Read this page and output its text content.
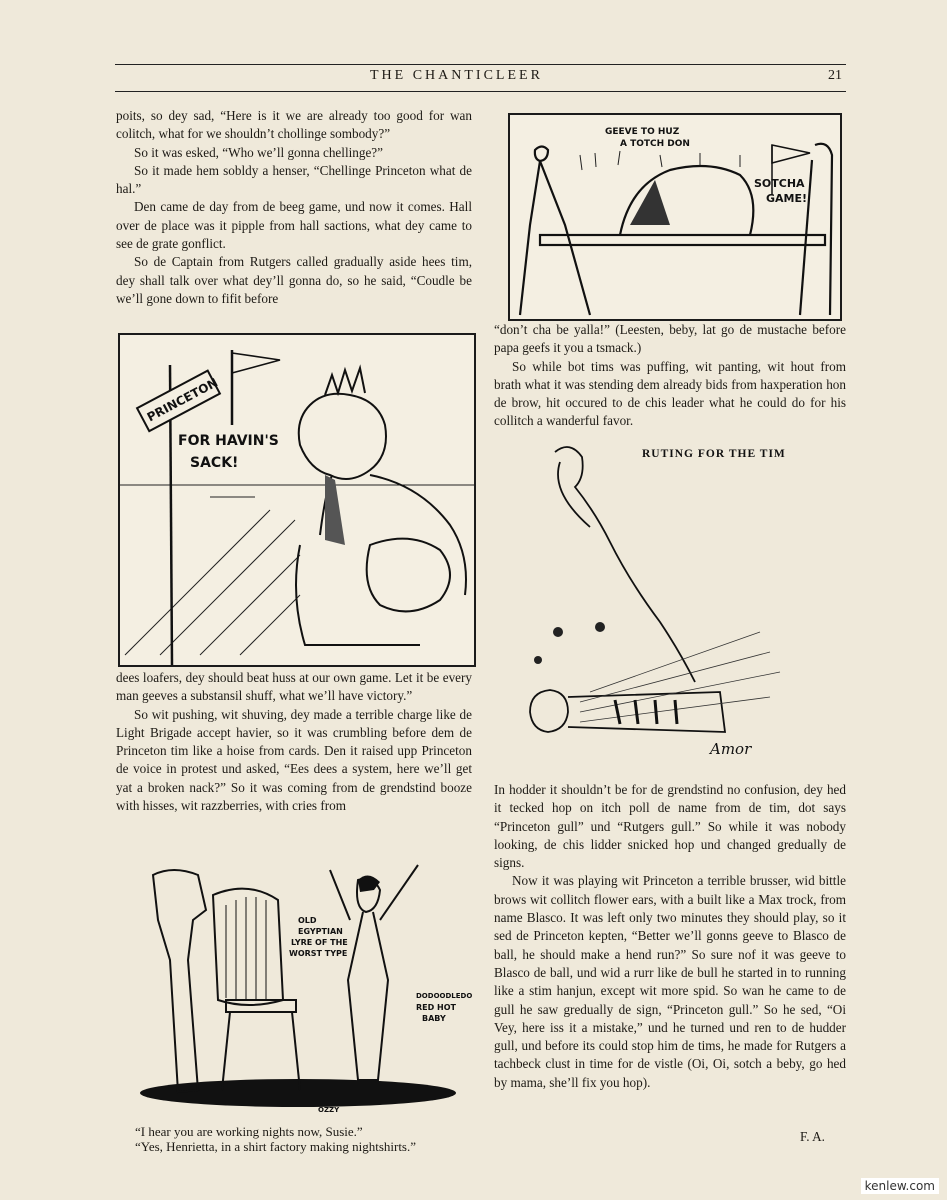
THE CHANTICLEER	21

poits, so dey sad, “Here is it we are already too good for wan colitch, what for we shouldn’t chollinge sombody?”

So it was esked, “Who we’ll gonna chellinge?”

So it made hem sobldy a henser, “Chellinge Princeton what de hal.”

Den came de day from de beeg game, und now it comes. Hall over de place was it pipple from hall sactions, what dey came to see de grate gonflict.

So de Captain from Rutgers called gradually aside hees tim, dey shall talk over what dey’ll gonna do, so he said, “Coudle be we’ll gone down to fifit before

PRINCETON
FOR HAVIN'S
SACK!

dees loafers, dey should beat huss at our own game. Let it be every man geeves a substansil shuff, what we’ll have victory.”

So wit pushing, wit shuving, dey made a terrible charge like de Light Brigade accept havier, so it was crumbling before dem de Princeton tim like a hoise from cards. Den it raised upp Princeton de voice in protest und asked, “Ees dees a system, here we’ll get yat a broken nack?” So it was coming from de grendstind booze with hisses, wit razzberries, with cries from

OLD
EGYPTIAN
LYRE OF THE
WORST TYPE
DODOODLEDO
RED HOT
BABY
OZZY
“I hear you are working nights now, Susie.”
“Yes, Henrietta, in a shirt factory making nightshirts.”
GEEVE TO HUZ
A TOTCH DON
SOTCHA
GAME!

“don’t cha be yalla!” (Leesten, beby, lat go de mustache before papa geefs it you a tsmack.)

So while bot tims was puffing, wit panting, wit hout from brath what it was stending dem already bids from haxperation hon de brow, hit occured to de chis leader what he could do for his collitch a wanderful favor.

RUTING FOR THE TIM
Amor

In hodder it shouldn’t be for de grendstind no confusion, dey hed it tecked hop on itch poll de name from de tim, dot says “Princeton gull” und “Rutgers gull.” So while it was nobody looking, de chis lidder snicked hop und changed gredually de signs.

Now it was playing wit Princeton a terrible brusser, wid bittle brows wit collitch flower ears, with a built like a Max trock, from name Blasco. It was left only two minutes they should play, so it sed de Princeton kepten, “Better we’ll gonns geeve to Blasco de ball, he should make a hend run?” So sure nof it was geeve to Blasco de ball, und wid a rurr like de bull he started in to running like a stim hanjun, except wit more spid. So wan he came to de gull he saw gredually de sign, “Princeton gull.” So he sed, “Oi Vey, here iss it a mistake,” und he turned und ren to de hudder gull, und before its could stop him de tims, he made for Rutgers a tachbeck clust in time for de vistle (Oi, Oi, sotch a beby, go hed by mama, she’ll fix you hop).

F. A.
kenlew.com
